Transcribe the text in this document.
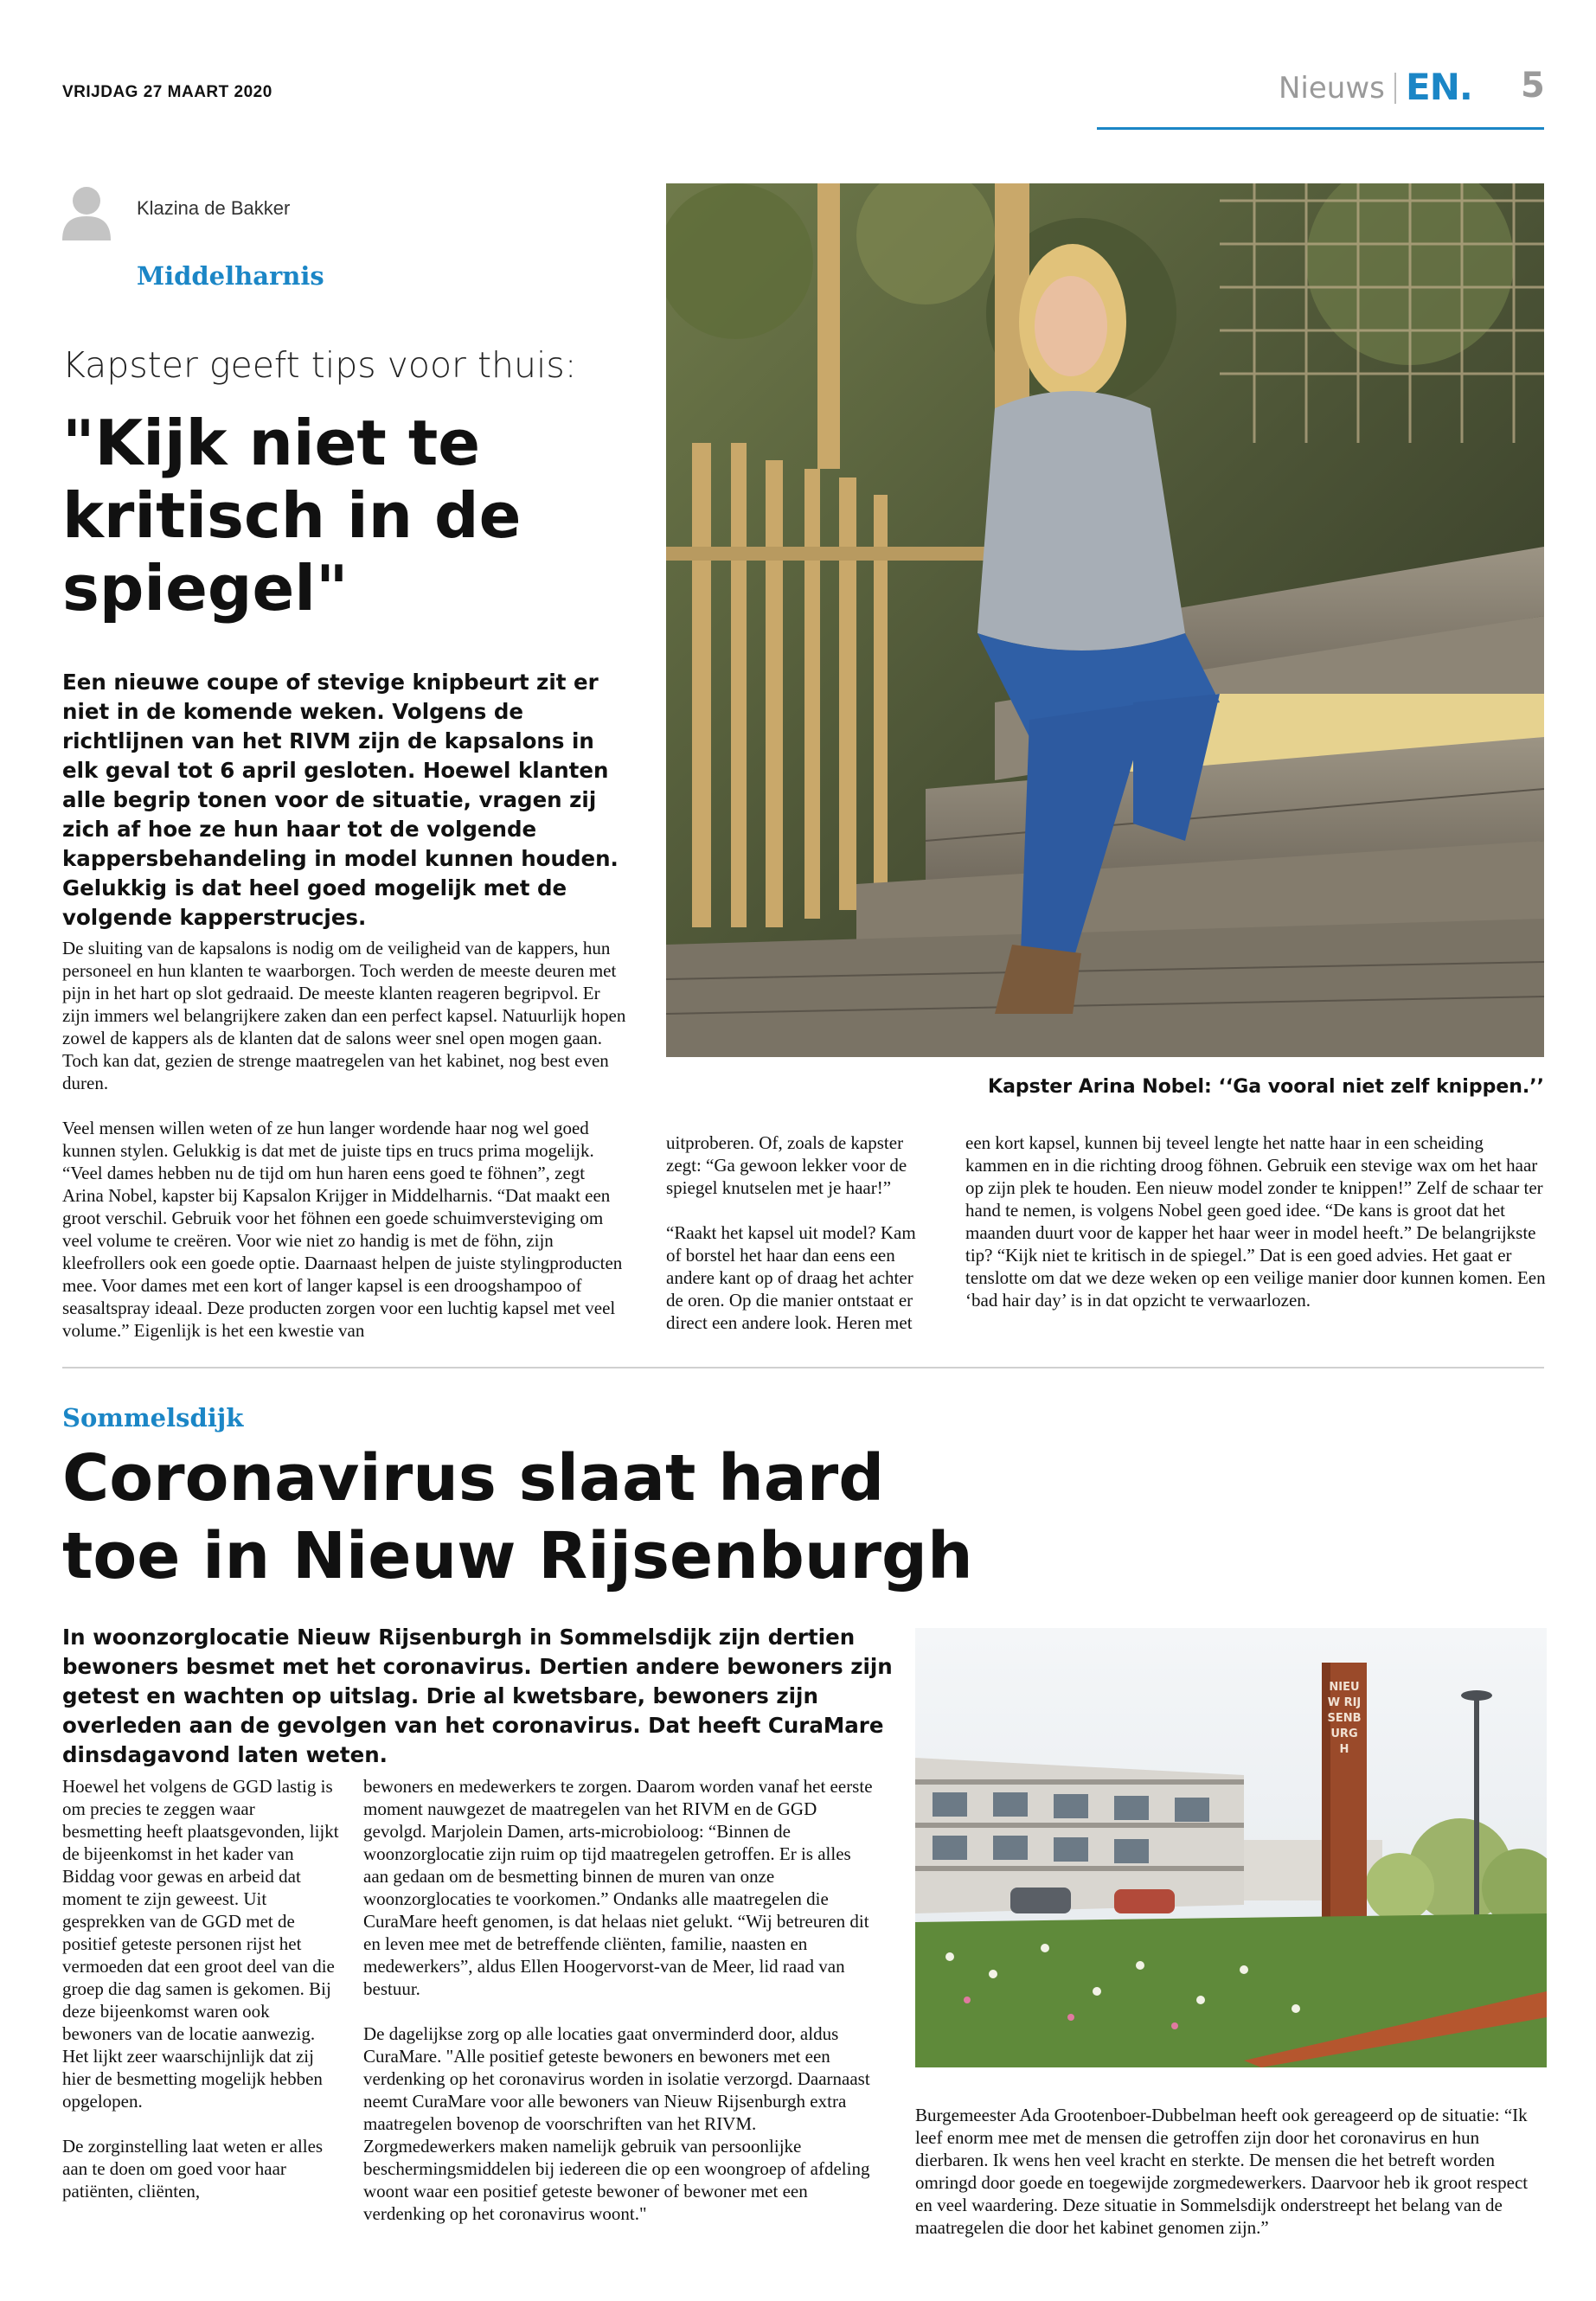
VRIJDAG 27 MAART 2020	Nieuws EN. 5
Klazina de Bakker
Middelharnis
Kapster geeft tips voor thuis:
"Kijk niet te kritisch in de spiegel"
Een nieuwe coupe of stevige knipbeurt zit er niet in de komende weken. Volgens de richtlijnen van het RIVM zijn de kapsalons in elk geval tot 6 april gesloten. Hoewel klanten alle begrip tonen voor de situatie, vragen zij zich af hoe ze hun haar tot de volgende kappersbehandeling in model kunnen houden. Gelukkig is dat heel goed mogelijk met de volgende kapperstrucjes.

De sluiting van de kapsalons is nodig om de veiligheid van de kappers, hun personeel en hun klanten te waarborgen. Toch werden de meeste deuren met pijn in het hart op slot gedraaid. De meeste klanten reageren begripvol. Er zijn immers wel belangrijkere zaken dan een perfect kapsel. Natuurlijk hopen zowel de kappers als de klanten dat de salons weer snel open mogen gaan. Toch kan dat, gezien de strenge maatregelen van het kabinet, nog best even duren.

Veel mensen willen weten of ze hun langer wordende haar nog wel goed kunnen stylen. Gelukkig is dat met de juiste tips en trucs prima mogelijk. “Veel dames hebben nu de tijd om hun haren eens goed te föhnen”, zegt Arina Nobel, kapster bij Kapsalon Krijger in Middelharnis. “Dat maakt een groot verschil. Gebruik voor het föhnen een goede schuimversteviging om veel volume te creëren. Voor wie niet zo handig is met de föhn, zijn kleefrollers ook een goede optie. Daarnaast helpen de juiste stylingproducten mee. Voor dames met een kort of langer kapsel is een droogshampoo of seasaltspray ideaal. Deze producten zorgen voor een luchtig kapsel met veel volume.” Eigenlijk is het een kwestie van

uitproberen. Of, zoals de kapster zegt: “Ga gewoon lekker voor de spiegel knutselen met je haar!”

“Raakt het kapsel uit model? Kam of borstel het haar dan eens een andere kant op of draag het achter de oren. Op die manier ontstaat er direct een andere look. Heren met

een kort kapsel, kunnen bij teveel lengte het natte haar in een scheiding kammen en in die richting droog föhnen. Gebruik een stevige wax om het haar op zijn plek te houden. Een nieuw model zonder te knippen!” Zelf de schaar ter hand te nemen, is volgens Nobel geen goed idee. “De kans is groot dat het maanden duurt voor de kapper het haar weer in model heeft.” De belangrijkste tip? “Kijk niet te kritisch in de spiegel.” Dat is een goed advies. Het gaat er tenslotte om dat we deze weken op een veilige manier door kunnen komen. Een ‘bad hair day’ is in dat opzicht te verwaarlozen.

Kapster Arina Nobel: ‘‘Ga vooral niet zelf knippen.’’
Sommelsdijk
Coronavirus slaat hard toe in Nieuw Rijsenburgh
In woonzorglocatie Nieuw Rijsenburgh in Sommelsdijk zijn dertien bewoners besmet met het coronavirus. Dertien andere bewoners zijn getest en wachten op uitslag. Drie al kwetsbare, bewoners zijn overleden aan de gevolgen van het coronavirus. Dat heeft CuraMare dinsdagavond laten weten.

Hoewel het volgens de GGD lastig is om precies te zeggen waar besmetting heeft plaatsgevonden, lijkt de bijeenkomst in het kader van Biddag voor gewas en arbeid dat moment te zijn geweest. Uit gesprekken van de GGD met de positief geteste personen rijst het vermoeden dat een groot deel van die groep die dag samen is gekomen. Bij deze bijeenkomst waren ook bewoners van de locatie aanwezig. Het lijkt zeer waarschijnlijk dat zij hier de besmetting mogelijk hebben opgelopen.

De zorginstelling laat weten er alles aan te doen om goed voor haar patiënten, cliënten,

bewoners en medewerkers te zorgen. Daarom worden vanaf het eerste moment nauwgezet de maatregelen van het RIVM en de GGD gevolgd. Marjolein Damen, arts-microbioloog: “Binnen de woonzorglocatie zijn ruim op tijd maatregelen getroffen. Er is alles aan gedaan om de besmetting binnen de muren van onze woonzorglocaties te voorkomen.” Ondanks alle maatregelen die CuraMare heeft genomen, is dat helaas niet gelukt. “Wij betreuren dit en leven mee met de betreffende cliënten, familie, naasten en medewerkers”, aldus Ellen Hoogervorst-van de Meer, lid raad van bestuur.

De dagelijkse zorg op alle locaties gaat onverminderd door, aldus CuraMare. "Alle positief geteste bewoners en bewoners met een verdenking op het coronavirus worden in isolatie verzorgd. Daarnaast neemt CuraMare voor alle bewoners van Nieuw Rijsenburgh extra maatregelen bovenop de voorschriften van het RIVM. Zorgmedewerkers maken namelijk gebruik van persoonlijke beschermingsmiddelen bij iedereen die op een woongroep of afdeling woont waar een positief geteste bewoner of bewoner met een verdenking op het coronavirus woont."

Burgemeester Ada Grootenboer-Dubbelman heeft ook gereageerd op de situatie: “Ik leef enorm mee met de mensen die getroffen zijn door het coronavirus en hun dierbaren. Ik wens hen veel kracht en sterkte. De mensen die het betreft worden omringd door goede en toegewijde zorgmedewerkers. Daarvoor heb ik groot respect en veel waardering. Deze situatie in Sommelsdijk onderstreept het belang van de maatregelen die door het kabinet genomen zijn.”

NIEUW RIJSENBURGH
